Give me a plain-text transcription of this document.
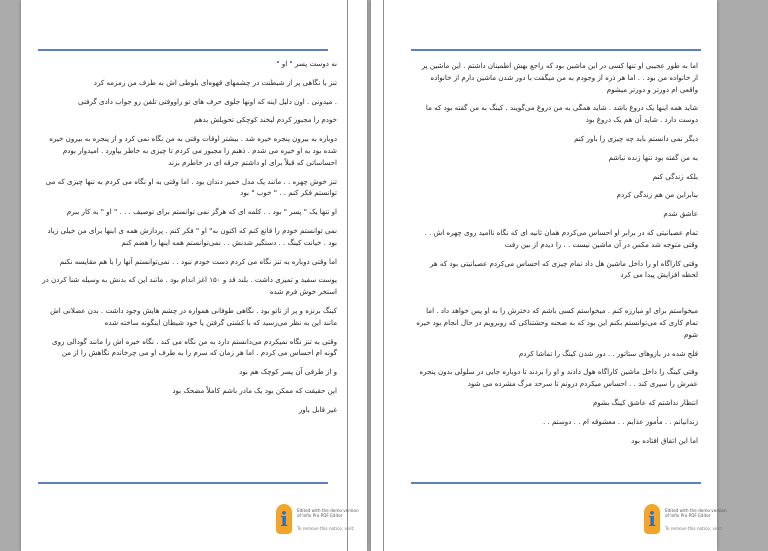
نه دوست پسر " او "

تنز با نگاهی پر از شیطنت در چشمهای قهوه‌ای بلوطی اش به طرف من زمزمه کرد

. میدونی . اون دلیل اینه که اونها جلوی حرف های تو راووفتی تلفن رو جواب دادی گرفتی

خودم را مجبور کردم لبخند کوچکی تحویلش بدهم

دوباره به بیرون پنجره خیره شد . بیشتر اوقات وقتی به من نگاه نمی کرد و از پنجره به بیرون خیره شده بود به او خیره می شدم . ذهنم را مجبور می کردم تا چیزی به خاطر بیاورد . امیدوار بودم احساساتی که قبلاً برای او داشتم جرقه ای در خاطرم بزند

تنز خوش چهره . . مانند یک مدل خمیر دندان بود . اما وقتی به او نگاه می کردم به تنها چیزی که می توانستم فکر کنم . . " خوب " بود

او تنها یک " پسر " بود . . کلمه ای که هرگز نمی توانستم برای توصیف . . . " او " به کار ببرم

نمی توانستم خودم را قانع کنم که اکنون به" او " فکر کنم . پردازش همه ی اینها برای من خیلی زیاد بود . خیانت کینگ . . دستگیر شدنش . . نمی‌توانستم همه اینها را هضم کنم

اما وقتی دوباره به تنز نگاه می کردم دست خودم نبود . . نمی‌توانستم آنها را با هم مقایسه نکنم

پوست سفید و تمیزی داشت . بلند قد و ۱۵۰ اغز اندام بود . مانند این که بدنش به وسیله شنا کردن در استخر خوش فرم شده

کینگ برنزه و پر از تاتو بود . نگاهی طوفانی همواره در چشم هایش وجود داشت . بدن عضلانی اش مانند این به نظر می‌رسید که با کشتی گرفتن یا خود شیطان اینگونه ساخته شده

وقتی به تنز نگاه نمیکردم می‌دانستم دارد به من نگاه می کند . نگاه خیره اش را مانند گودالی روی گونه ام احساس می کردم . اما هر زمان که سرم را به طرف او می چرخاندم نگاهش را از من

و از طرفی آن پسر کوچک هم بود

این حقیقت که ممکن بود یک مادر باشم کاملاً مضحک بود

غیر قابل باور

i	Edited with the demo version of Infix Pro PDF Editor
To remove this notice, visit:

اما به طور عجیبی او تنها کسی در این ماشین بود که راجع بهش اطمینان داشتم . این ماشین پر از خانواده من بود . . اما هر ذره از وجودم به من میگفت با دور شدن ماشین دارم از خانواده واقعی ام دورتر و دورتر میشوم

شاید همه اینها یک دروغ باشد . شاید همگی به من دروغ می‌گویند . کینگ به من گفته بود که ما دوست دارد . شاید آن هم یک دروغ بود

دیگر نمی دانستم باید چه چیزی را باور کنم

به من گفته بود تنها زنده نباشم

بلکه زندگی کنم

بنابراین من هم زندگی کردم

عاشق شدم

تمام عصبانیتی که در برابر او احساس می‌کردم همان ثانیه ای که نگاه ناامید روی چهره اش . . وقتی متوجه شد مکس در آن ماشین نیست . . را دیدم از بین رفت

وقتی کاراگاه او را داخل ماشین هل داد تمام چیزی که احساس می‌کردم عصبانیتی بود که هر لحظه افزایش پیدا می کرد

میخواستم برای او مبارزه کنم . میخواستم کسی باشم که دخترش را به او پس خواهد داد . اما تمام کاری که می‌توانستم بکنم این بود که به صحنه وحشتناکی که روبرویم در حال انجام بود خیره شوم

فلج شده در بازوهای ستاتور . . دور شدن کینگ را تماشا کردم

وقتی کینگ را داخل ماشین کاراگاه هول دادند و او را بردند تا دوباره جایی در سلولی بدون پنجره عمرش را سپری کند . . احساس میکردم درونم تا سرحد مرگ مشرده می شود

انتظار نداشتم که عاشق کینگ بشوم

زندانیانم . . مأمور عذابم . . معشوقه ام . . دوستم . .

اما این اتفاق افتاده بود

i	Edited with the demo version of Infix Pro PDF Editor
To remove this notice, visit:
